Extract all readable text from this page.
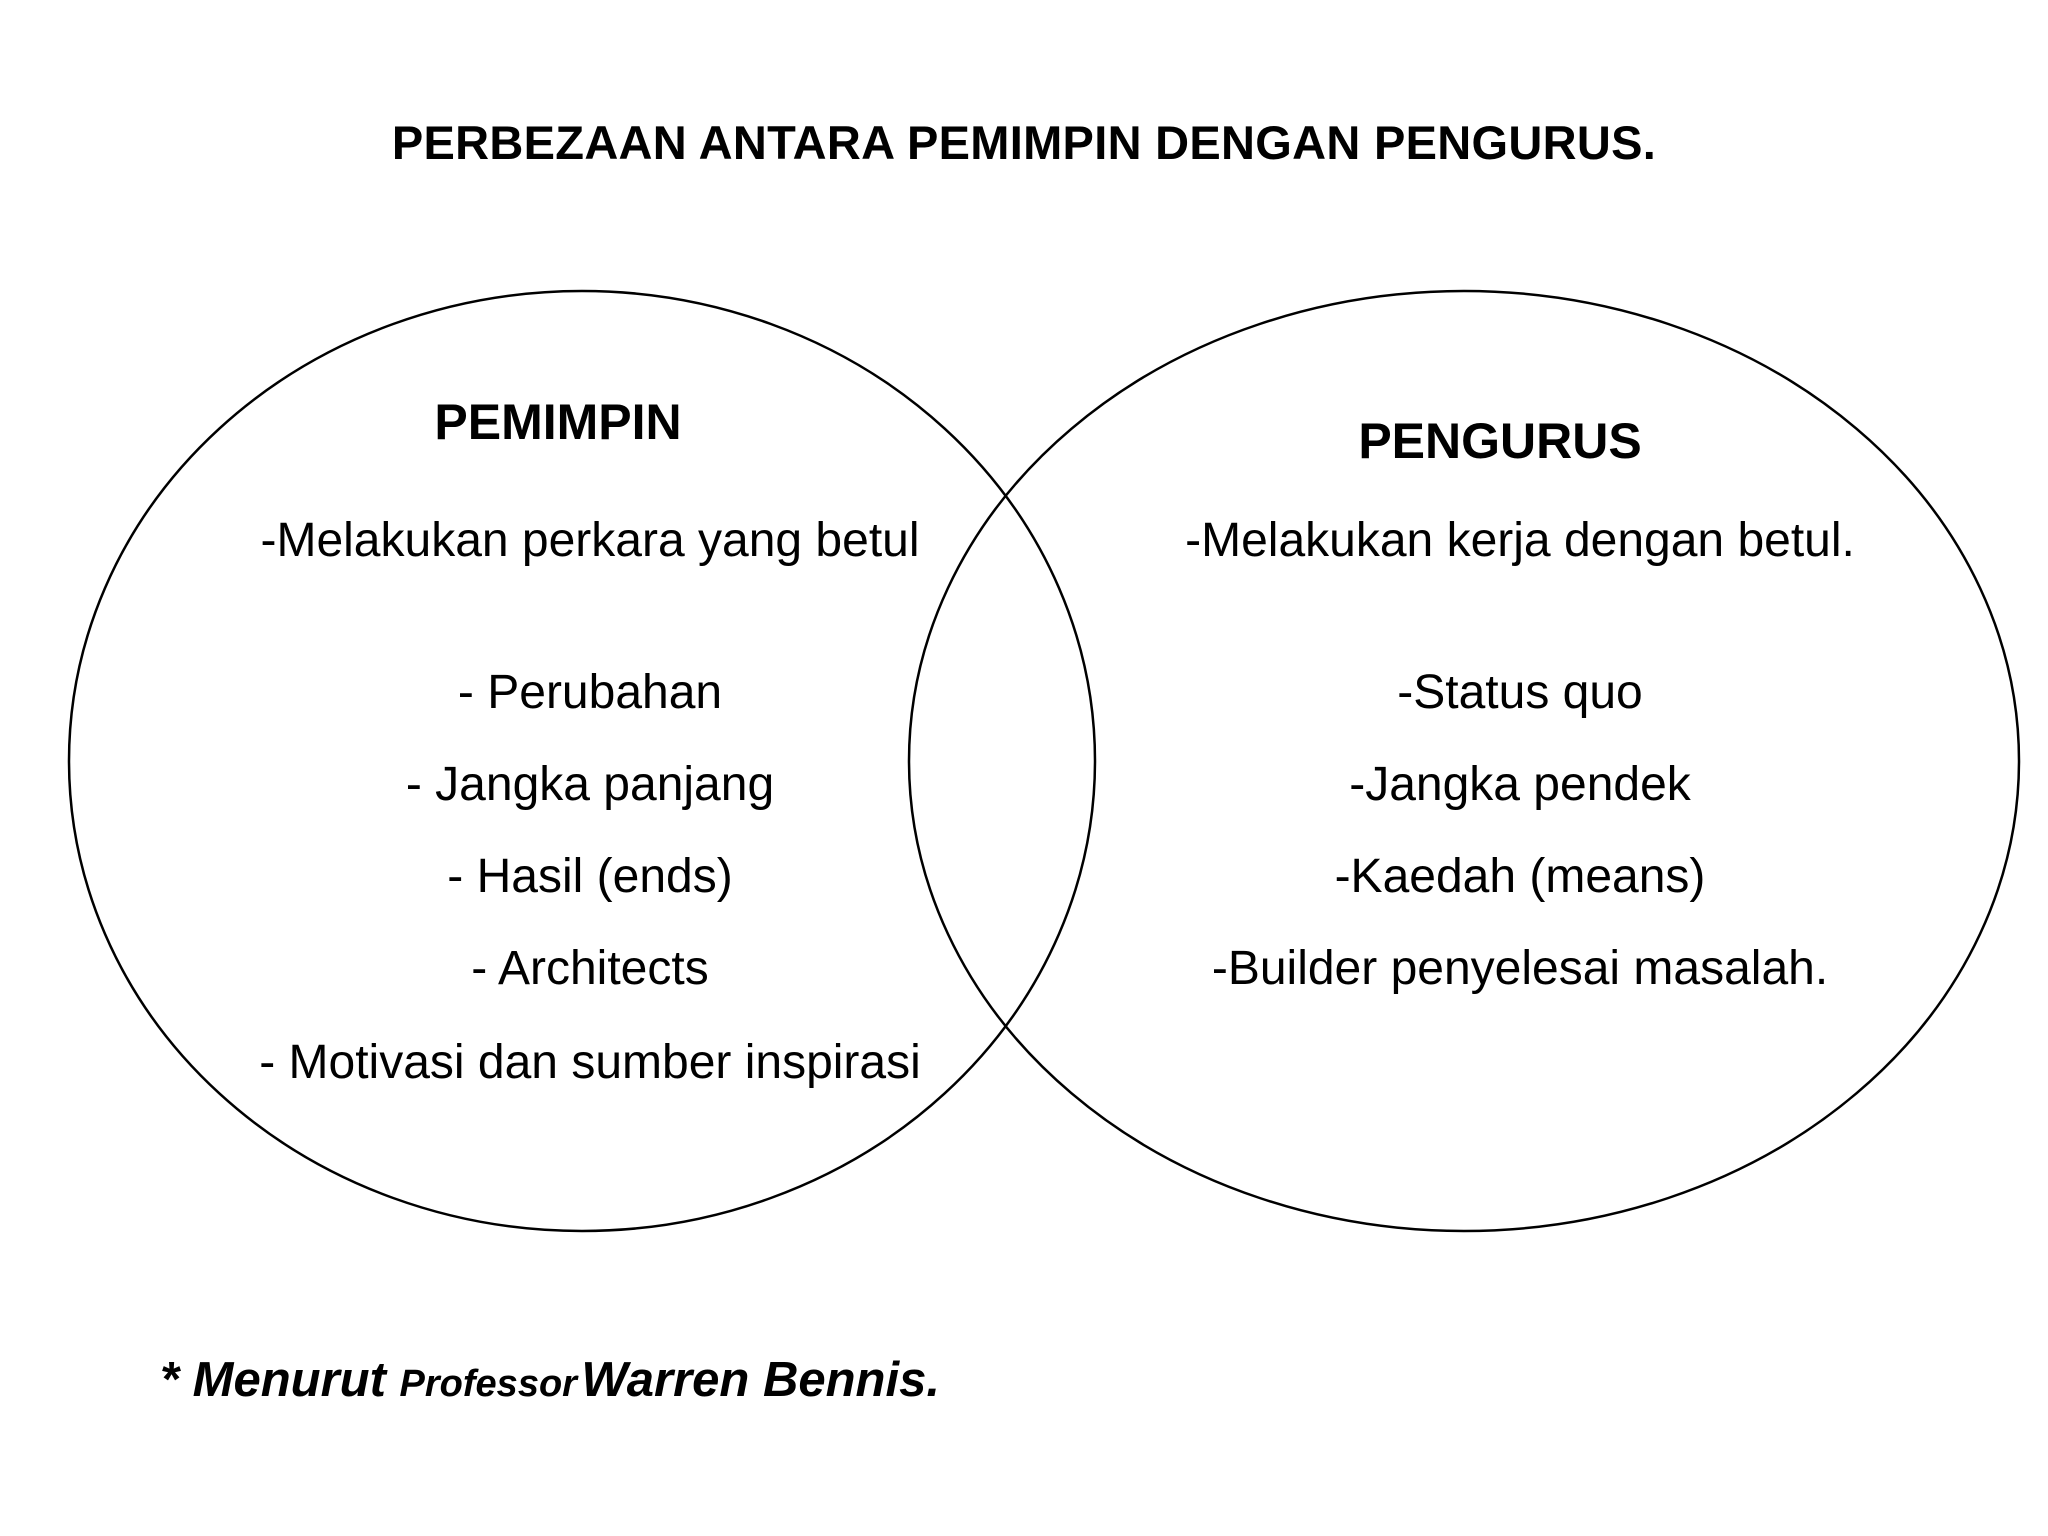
PERBEZAAN ANTARA PEMIMPIN DENGAN PENGURUS.
PEMIMPIN	PENGURUS
-Melakukan perkara yang betul
- Perubahan
- Jangka panjang
- Hasil (ends)
- Architects
- Motivasi dan sumber inspirasi
-Melakukan kerja dengan betul.
-Status quo
-Jangka pendek
-Kaedah (means)
-Builder penyelesai masalah.
* Menurut Professor Warren Bennis.
